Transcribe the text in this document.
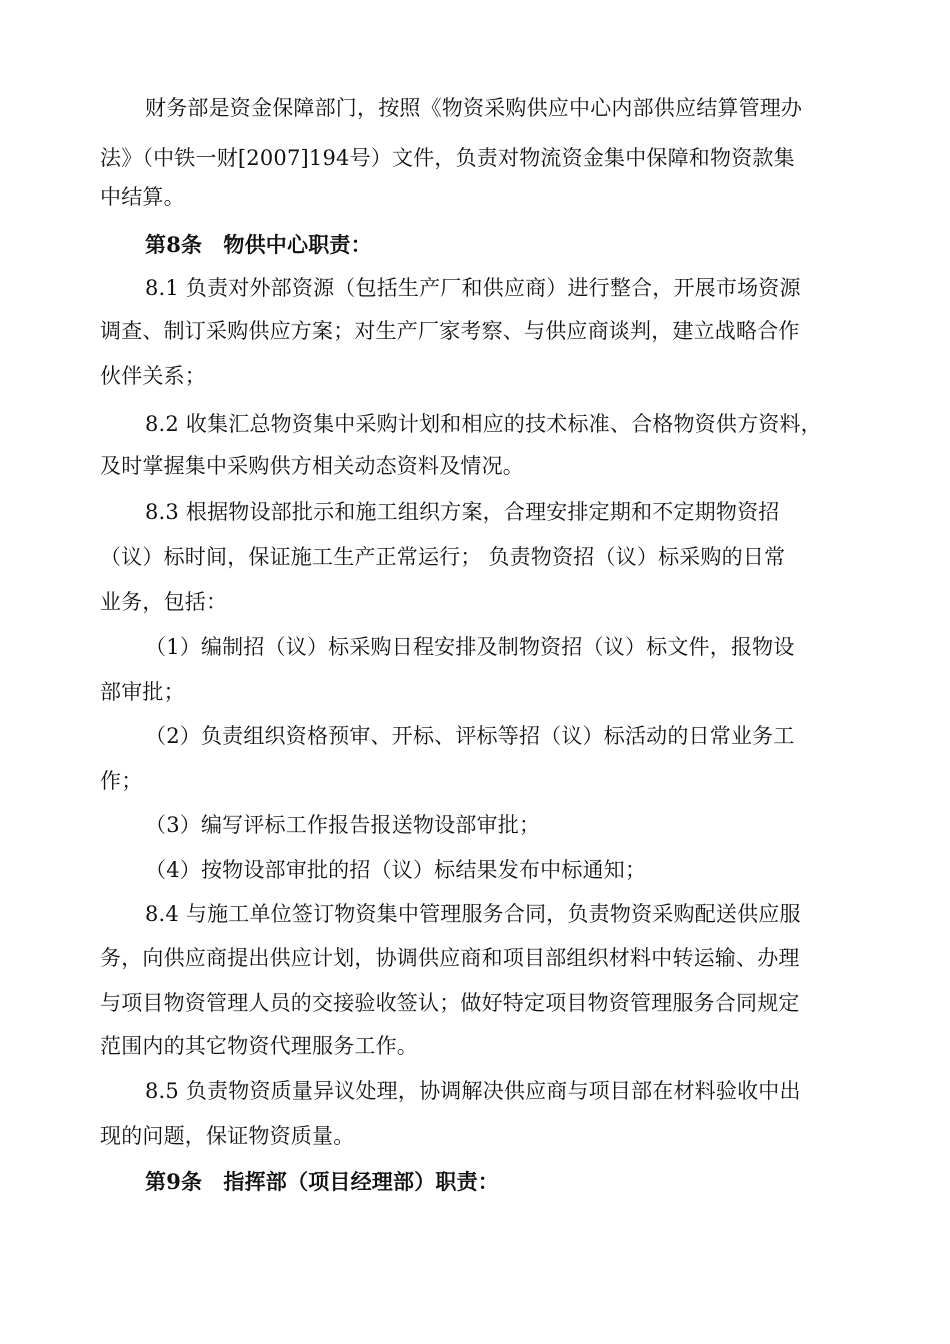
财务部是资金保障部门，按照《物资采购供应中心内部供应结算管理办
法》（中铁一财[2007]194号）文件，负责对物流资金集中保障和物资款集
中结算。
第8条　物供中心职责：
8.1 负责对外部资源（包括生产厂和供应商）进行整合，开展市场资源
调查、制订采购供应方案；对生产厂家考察、与供应商谈判，建立战略合作
伙伴关系；
8.2 收集汇总物资集中采购计划和相应的技术标准、合格物资供方资料，
及时掌握集中采购供方相关动态资料及情况。
8.3 根据物设部批示和施工组织方案，合理安排定期和不定期物资招
（议）标时间，保证施工生产正常运行； 负责物资招（议）标采购的日常
业务，包括：
（1）编制招（议）标采购日程安排及制物资招（议）标文件，报物设
部审批；
（2）负责组织资格预审、开标、评标等招（议）标活动的日常业务工
作；
（3）编写评标工作报告报送物设部审批；
（4）按物设部审批的招（议）标结果发布中标通知；
8.4 与施工单位签订物资集中管理服务合同，负责物资采购配送供应服
务，向供应商提出供应计划，协调供应商和项目部组织材料中转运输、办理
与项目物资管理人员的交接验收签认；做好特定项目物资管理服务合同规定
范围内的其它物资代理服务工作。
8.5 负责物资质量异议处理，协调解决供应商与项目部在材料验收中出
现的问题，保证物资质量。
第9条　指挥部（项目经理部）职责：
